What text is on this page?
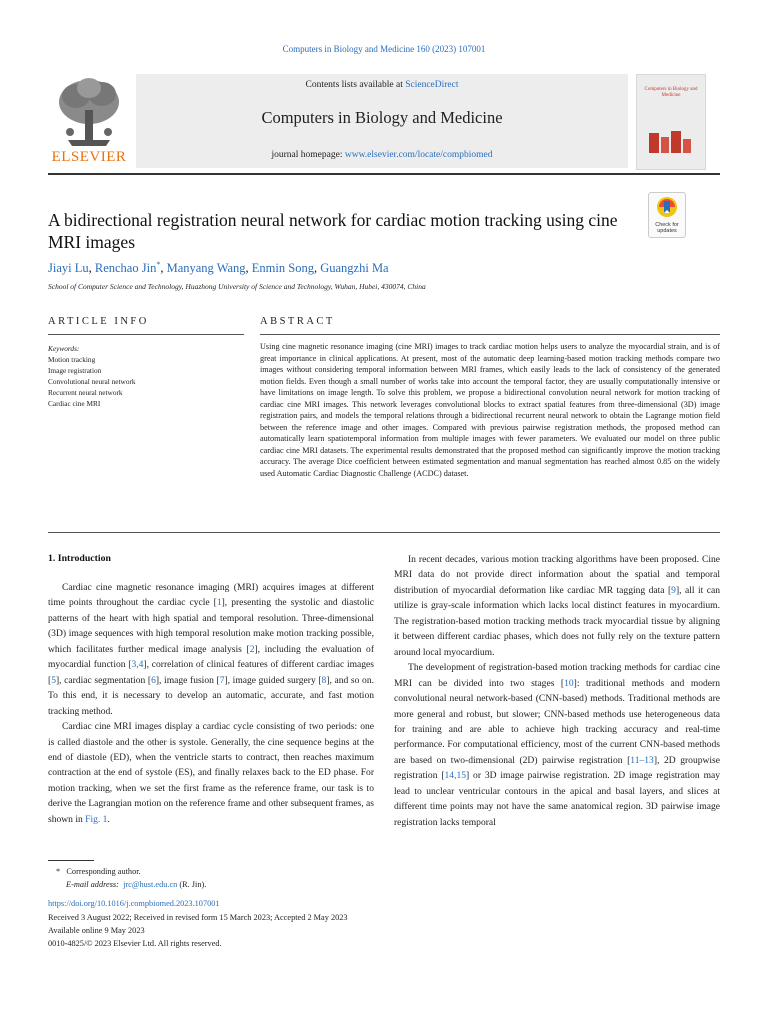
Computers in Biology and Medicine 160 (2023) 107001
ELSEVIER
Contents lists available at ScienceDirect
Computers in Biology and Medicine
journal homepage: www.elsevier.com/locate/compbiomed
Computers in Biology and Medicine
A bidirectional registration neural network for cardiac motion tracking using cine MRI images
Check for updates
Jiayi Lu, Renchao Jin*, Manyang Wang, Enmin Song, Guangzhi Ma
School of Computer Science and Technology, Huazhong University of Science and Technology, Wuhan, Hubei, 430074, China
ARTICLE INFO	ABSTRACT
Keywords:
Motion tracking
Image registration
Convolutional neural network
Recurrent neural network
Cardiac cine MRI

Using cine magnetic resonance imaging (cine MRI) images to track cardiac motion helps users to analyze the myocardial strain, and is of great importance in clinical applications. At present, most of the automatic deep learning-based motion tracking methods compare two images without considering temporal information between MRI frames, which easily leads to the lack of consistency of the generated motion fields. Even though a small number of works take into account the temporal factor, they are usually computationally intensive or have limitations on image length. To solve this problem, we propose a bidirectional convolution neural network for motion tracking of cardiac cine MRI images. This network leverages convolutional blocks to extract spatial features from three-dimensional (3D) image registration pairs, and models the temporal relations through a bidirectional recurrent neural network to obtain the Lagrange motion field between the reference image and other images. Compared with previous pairwise registration methods, the proposed method can automatically learn spatiotemporal information from multiple images with fewer parameters. We evaluated our model on three public cardiac cine MRI datasets. The experimental results demonstrated that the proposed method can significantly improve the motion tracking accuracy. The average Dice coefficient between estimated segmentation and manual segmentation has reached almost 0.85 on the widely used Automatic Cardiac Diagnostic Challenge (ACDC) dataset.

1. Introduction

Cardiac cine magnetic resonance imaging (MRI) acquires images at different time points throughout the cardiac cycle [1], presenting the systolic and diastolic patterns of the heart with high spatial and temporal resolution. Three-dimensional (3D) image sequences with high temporal resolution make motion tracking possible, which facilitates further medical image analysis [2], including the evaluation of myocardial function [3,4], correlation of clinical features of different cardiac images [5], cardiac segmentation [6], image fusion [7], image guided surgery [8], and so on. To this end, it is necessary to develop an automatic, accurate, and fast motion tracking method.

Cardiac cine MRI images display a cardiac cycle consisting of two periods: one is called diastole and the other is systole. Generally, the cine sequence begins at the end of diastole (ED), when the ventricle starts to contract, then reaches maximum contraction at the end of systole (ES), and finally relaxes back to the ED phase. For motion tracking, when we set the first frame as the reference frame, our task is to derive the Lagrangian motion on the reference frame and other subsequent frames, as shown in Fig. 1.

In recent decades, various motion tracking algorithms have been proposed. Cine MRI data do not provide direct information about the spatial and temporal distribution of myocardial deformation like cardiac MR tagging data [9], all it can utilize is gray-scale information which lacks local distinct features in myocardium. The registration-based motion tracking methods track myocardial tissue by aligning it between different cardiac phases, which does not fully rely on the texture pattern around local myocardium.

The development of registration-based motion tracking methods for cardiac cine MRI can be divided into two stages [10]: traditional methods and modern convolutional neural network-based (CNN-based) methods. Traditional methods are more general and robust, but slower; CNN-based methods use heterogeneous data for training and are able to achieve high tracking accuracy and real-time performance. For computational efficiency, most of the current CNN-based methods are based on two-dimensional (2D) pairwise registration [11–13], 2D groupwise registration [14,15] or 3D image pairwise registration. 2D image registration may lead to unclear ventricular contours in the apical and basal layers, and slices at different time points may not have the same anatomical region. 3D pairwise image registration lacks temporal

* Corresponding author.
E-mail address: jrc@hust.edu.cn (R. Jin).
https://doi.org/10.1016/j.compbiomed.2023.107001
Received 3 August 2022; Received in revised form 15 March 2023; Accepted 2 May 2023
Available online 9 May 2023
0010-4825/© 2023 Elsevier Ltd. All rights reserved.
